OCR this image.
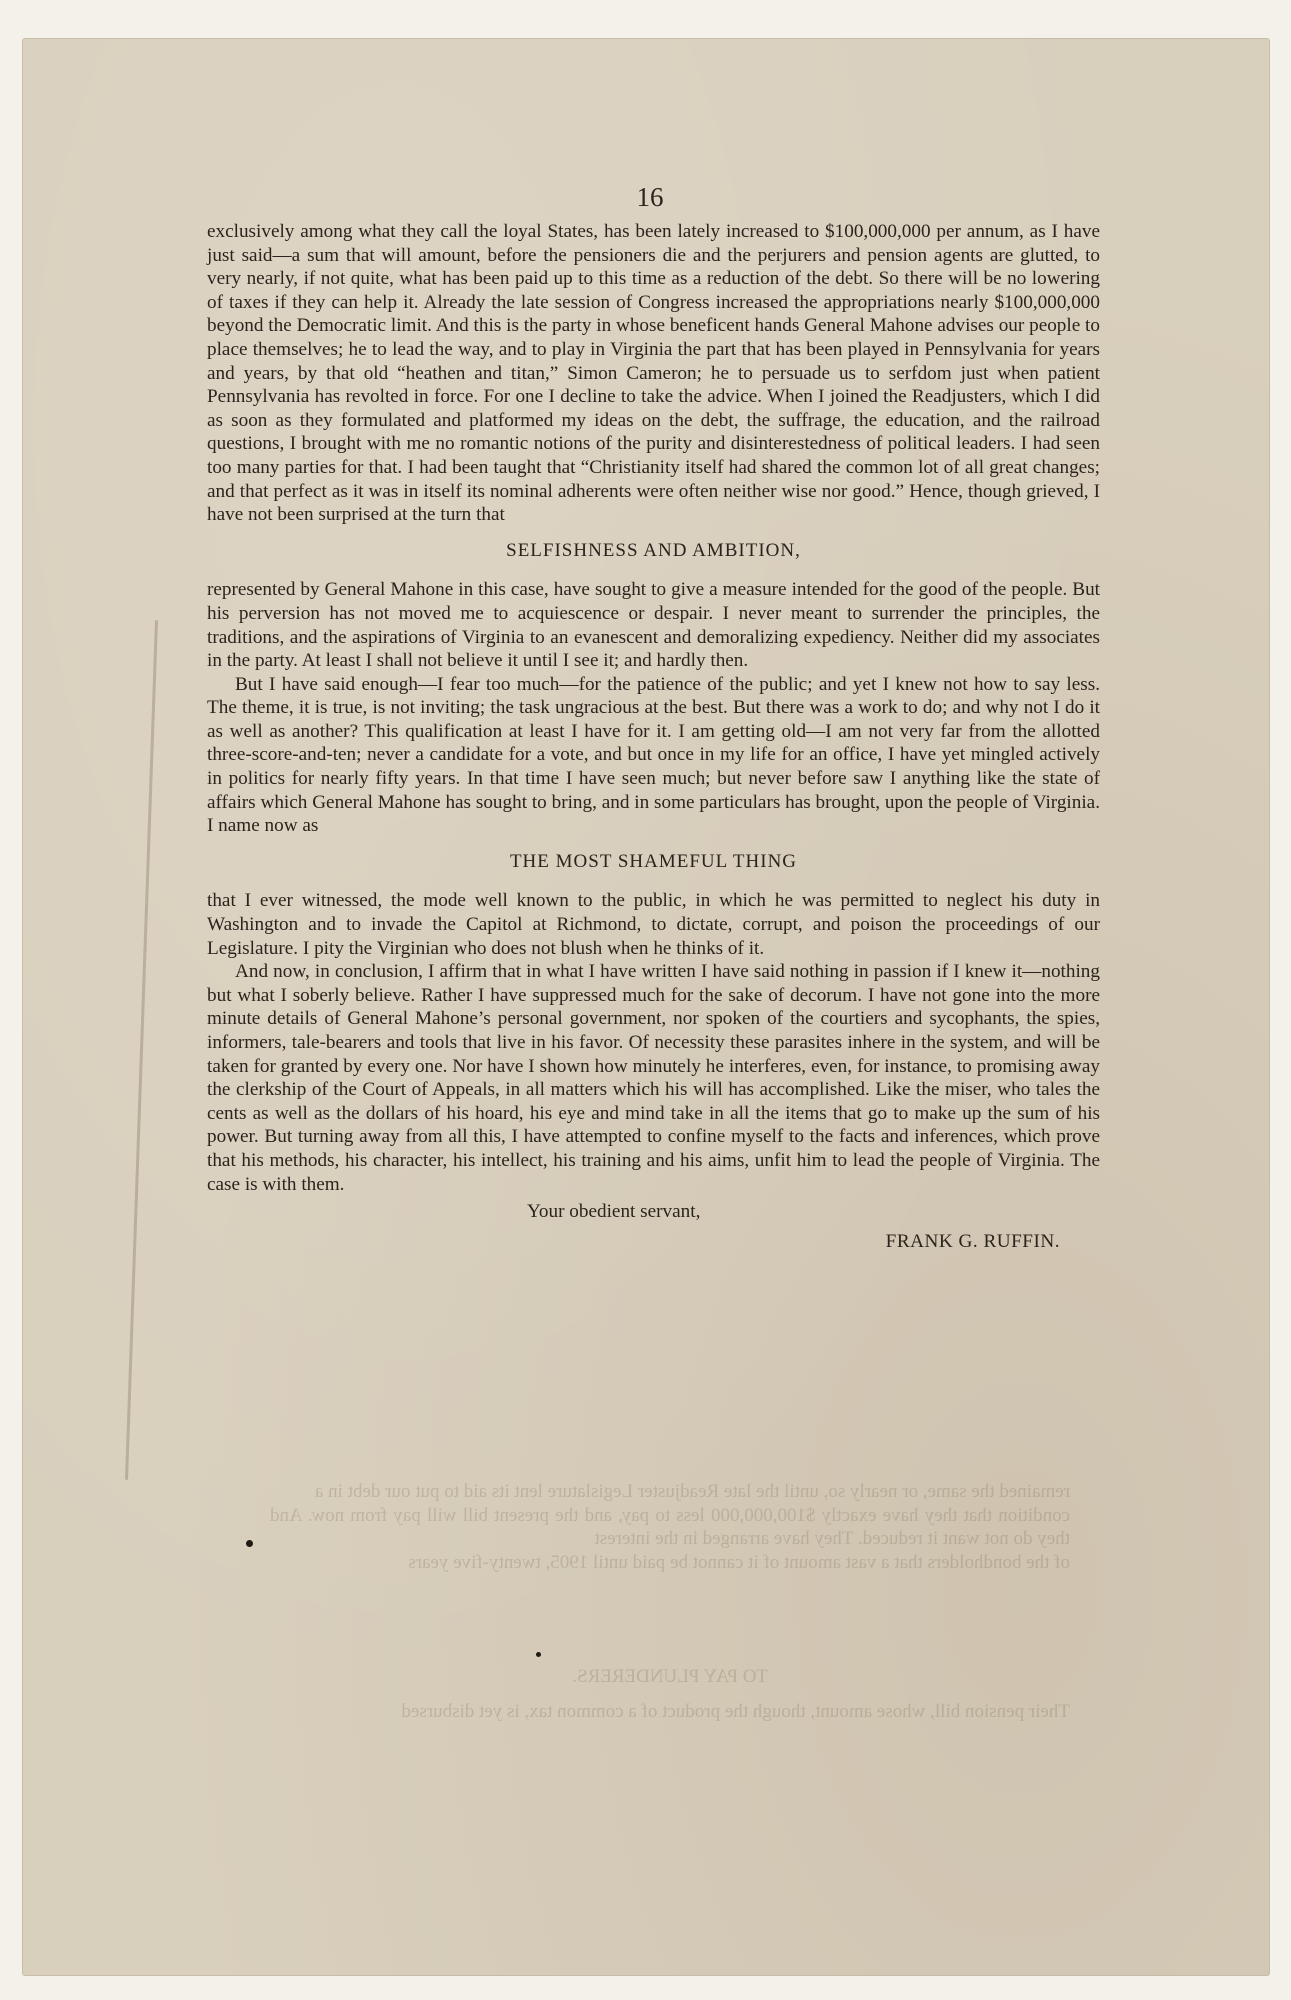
16

exclusively among what they call the loyal States, has been lately increased to $100,000,000 per annum, as I have just said—a sum that will amount, before the pensioners die and the perjurers and pension agents are glutted, to very nearly, if not quite, what has been paid up to this time as a reduction of the debt. So there will be no lowering of taxes if they can help it. Already the late session of Congress increased the appropriations nearly $100,000,000 beyond the Democratic limit. And this is the party in whose beneficent hands General Mahone advises our people to place themselves; he to lead the way, and to play in Virginia the part that has been played in Pennsylvania for years and years, by that old “heathen and titan,” Simon Cameron; he to persuade us to serfdom just when patient Pennsylvania has revolted in force. For one I decline to take the advice. When I joined the Readjusters, which I did as soon as they formulated and platformed my ideas on the debt, the suffrage, the education, and the railroad questions, I brought with me no romantic notions of the purity and disinterestedness of political leaders. I had seen too many parties for that. I had been taught that “Christianity itself had shared the common lot of all great changes; and that perfect as it was in itself its nominal adherents were often neither wise nor good.” Hence, though grieved, I have not been surprised at the turn that

SELFISHNESS AND AMBITION,

represented by General Mahone in this case, have sought to give a measure intended for the good of the people. But his perversion has not moved me to acquiescence or despair. I never meant to surrender the principles, the traditions, and the aspirations of Virginia to an evanescent and demoralizing expediency. Neither did my associates in the party. At least I shall not believe it until I see it; and hardly then.

But I have said enough—I fear too much—for the patience of the public; and yet I knew not how to say less. The theme, it is true, is not inviting; the task ungracious at the best. But there was a work to do; and why not I do it as well as another? This qualification at least I have for it. I am getting old—I am not very far from the allotted three-score-and-ten; never a candidate for a vote, and but once in my life for an office, I have yet mingled actively in politics for nearly fifty years. In that time I have seen much; but never before saw I anything like the state of affairs which General Mahone has sought to bring, and in some particulars has brought, upon the people of Virginia. I name now as

THE MOST SHAMEFUL THING

that I ever witnessed, the mode well known to the public, in which he was permitted to neglect his duty in Washington and to invade the Capitol at Richmond, to dictate, corrupt, and poison the proceedings of our Legislature. I pity the Virginian who does not blush when he thinks of it.

And now, in conclusion, I affirm that in what I have written I have said nothing in passion if I knew it—nothing but what I soberly believe. Rather I have suppressed much for the sake of decorum. I have not gone into the more minute details of General Mahone’s personal government, nor spoken of the courtiers and sycophants, the spies, informers, tale-bearers and tools that live in his favor. Of necessity these parasites inhere in the system, and will be taken for granted by every one. Nor have I shown how minutely he interferes, even, for instance, to promising away the clerkship of the Court of Appeals, in all matters which his will has accomplished. Like the miser, who tales the cents as well as the dollars of his hoard, his eye and mind take in all the items that go to make up the sum of his power. But turning away from all this, I have attempted to confine myself to the facts and inferences, which prove that his methods, his character, his intellect, his training and his aims, unfit him to lead the people of Virginia. The case is with them.

Your obedient servant,
FRANK G. RUFFIN.
remained the same, or nearly so, until the late Readjuster Legislature lent its aid to put our debt in a
condition that they have exactly $100,000,000 less to pay, and the present bill will pay from now. And they do not want it reduced. They have arranged in the interest
of the bondholders that a vast amount of it cannot be paid until 1905, twenty-five years
TO PAY PLUNDERERS.
Their pension bill, whose amount, though the product of a common tax, is yet disbursed
